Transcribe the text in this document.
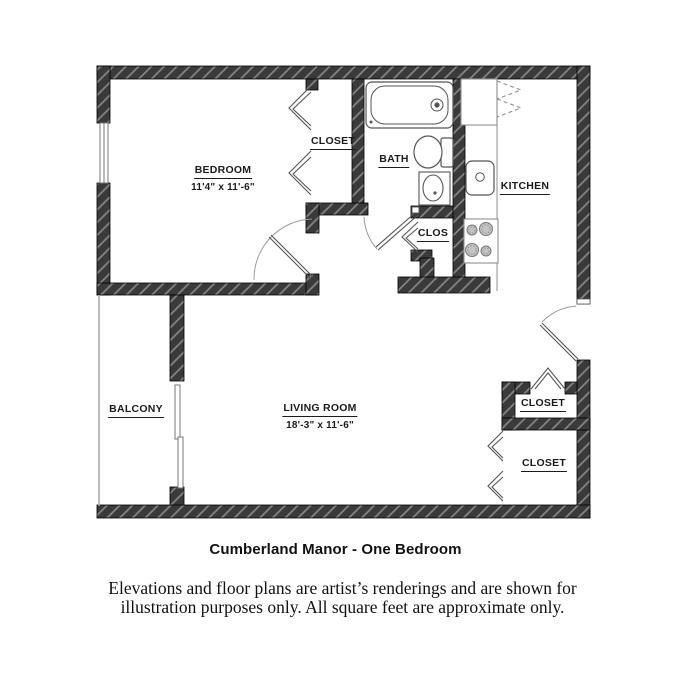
BEDROOM
11'4" x 11'-6"
CLOSET
BATH
CLOS
KITCHEN
LIVING ROOM
18'-3" x 11'-6"
BALCONY	CLOSET
CLOSET
Cumberland Manor - One Bedroom
Elevations and floor plans are artist’s renderings and are shown for
illustration purposes only. All square feet are approximate only.
